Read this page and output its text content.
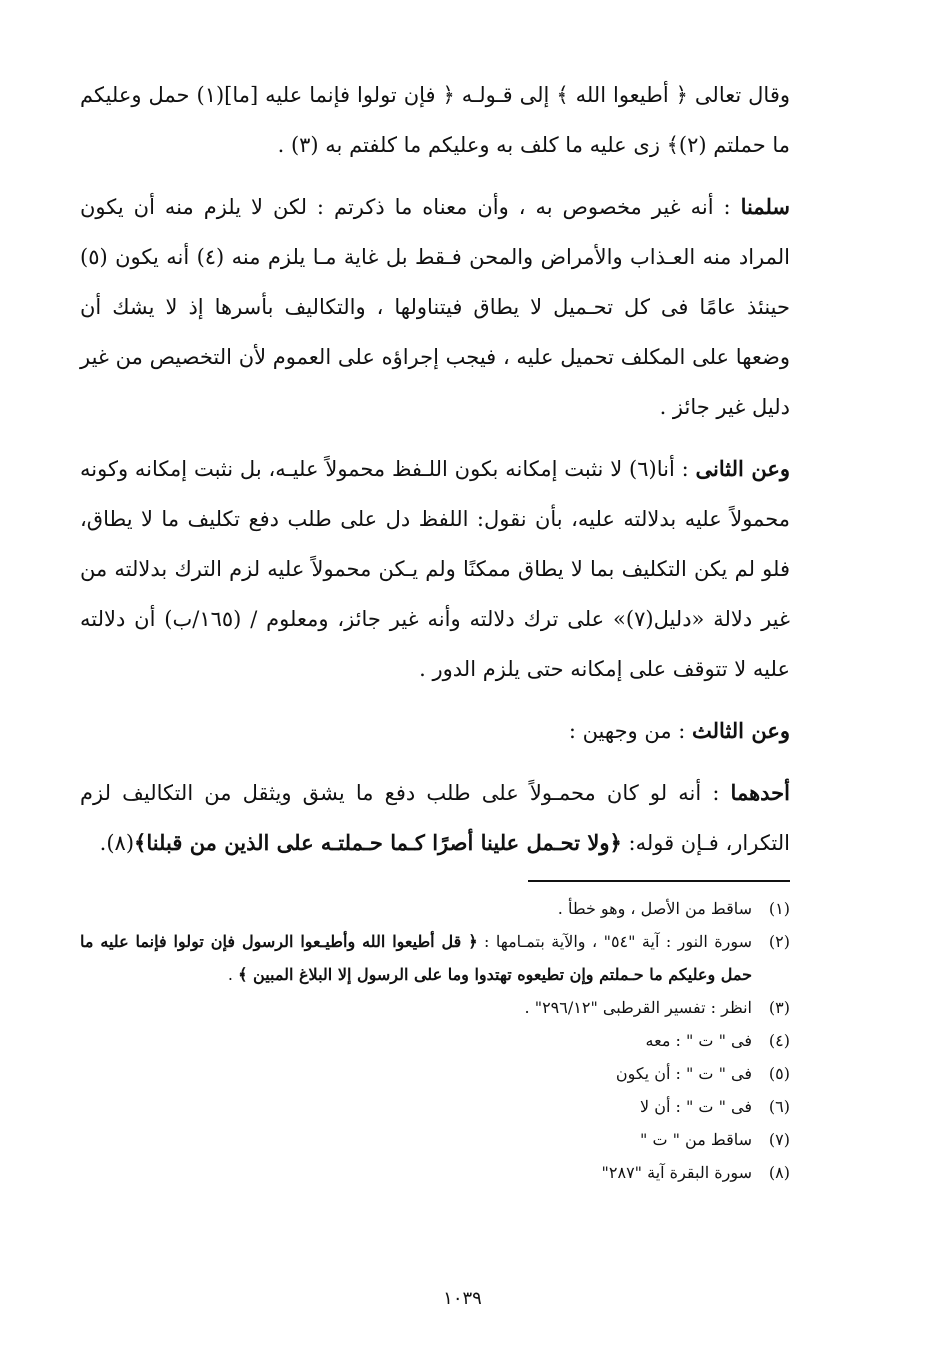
وقال تعالى ﴿ أطيعوا الله ﴾ إلى قـولـه ﴿ فإن تولوا فإنما عليه [ما](١) حمل وعليكم ما حملتم (٢)﴾ زى عليه ما كلف به وعليكم ما كلفتم به (٣) .

سلمنا : أنه غير مخصوص به ، وأن معناه ما ذكرتم : لكن لا يلزم منه أن يكون المراد منه العـذاب والأمراض والمحن فـقط بل غاية مـا يلزم منه (٤) أنه يكون (٥) حينئذ عامًا فى كل تحـميل لا يطاق فيتناولها ، والتكاليف بأسرها إذ لا يشك أن وضعها على المكلف تحميل عليه ، فيجب إجراؤه على العموم لأن التخصيص من غير دليل غير جائز .

وعن الثانى : أنا(٦) لا نثبت إمكانه بكون اللـفظ محمولاً عليـه، بل نثبت إمكانه وكونه محمولاً عليه بدلالته عليه، بأن نقول: اللفظ دل على طلب دفع تكليف ما لا يطاق، فلو لم يكن التكليف بما لا يطاق ممكنًا ولم يـكن محمولاً عليه لزم الترك بدلالته من غير دلالة «دليل(٧)» على ترك دلالته وأنه غير جائز، ومعلوم / (١٦٥/ب) أن دلالته عليه لا تتوقف على إمكانه حتى يلزم الدور .

وعن الثالث : من وجهين :

أحدهما : أنه لو كان محمـولاً على طلب دفع ما يشق ويثقل من التكاليف لزم التكرار، فـإن قوله: ﴿ولا تحـمل علينا أصرًا كـما حـملتـه على الذين من قبلنا﴾(٨).

(١)
ساقط من الأصل ، وهو خطأ .
(٢)
سورة النور : آية "٥٤" ، والآية بتمـامها : ﴿ قل أطيعوا الله وأطيـعوا الرسول فإن تولوا فإنما عليه ما حمل وعليكم ما حـملتم وإن تطيعوه تهتدوا وما على الرسول إلا البلاغ المبين ﴾ .
(٣)
انظر : تفسير القرطبى "٢٩٦/١٢" .
(٤)
فى " ت " : معه
(٥)
فى " ت " : أن يكون
(٦)
فى " ت " : أن لا
(٧)
ساقط من " ت "
(٨)
سورة البقرة آية "٢٨٧"
١٠٣٩
